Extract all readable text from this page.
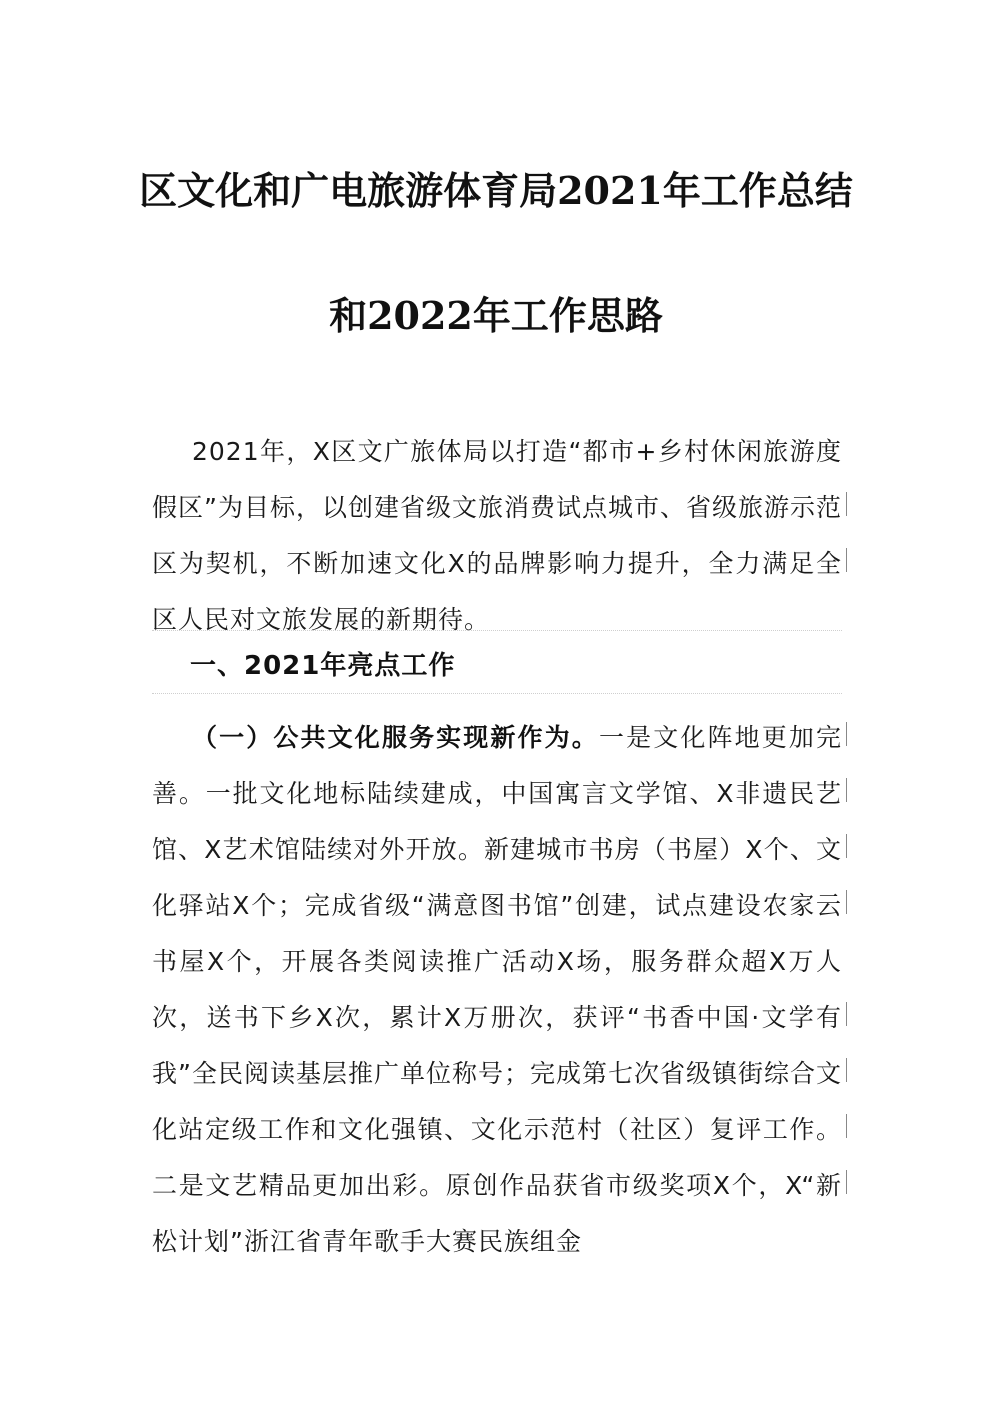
区文化和广电旅游体育局2021年工作总结
和2022年工作思路
2021年，X区文广旅体局以打造“都市+乡村休闲旅游度假区”为目标，以创建省级文旅消费试点城市、省级旅游示范区为契机，不断加速文化X的品牌影响力提升，全力满足全区人民对文旅发展的新期待。
一、2021年亮点工作
（一）公共文化服务实现新作为。一是文化阵地更加完善。一批文化地标陆续建成，中国寓言文学馆、X非遗民艺馆、X艺术馆陆续对外开放。新建城市书房（书屋）X个、文化驿站X个；完成省级“满意图书馆”创建，试点建设农家云书屋X个，开展各类阅读推广活动X场，服务群众超X万人次，送书下乡X次，累计X万册次，获评“书香中国·文学有我”全民阅读基层推广单位称号；完成第七次省级镇街综合文化站定级工作和文化强镇、文化示范村（社区）复评工作。二是文艺精品更加出彩。原创作品获省市级奖项X个，X“新松计划”浙江省青年歌手大赛民族组金
